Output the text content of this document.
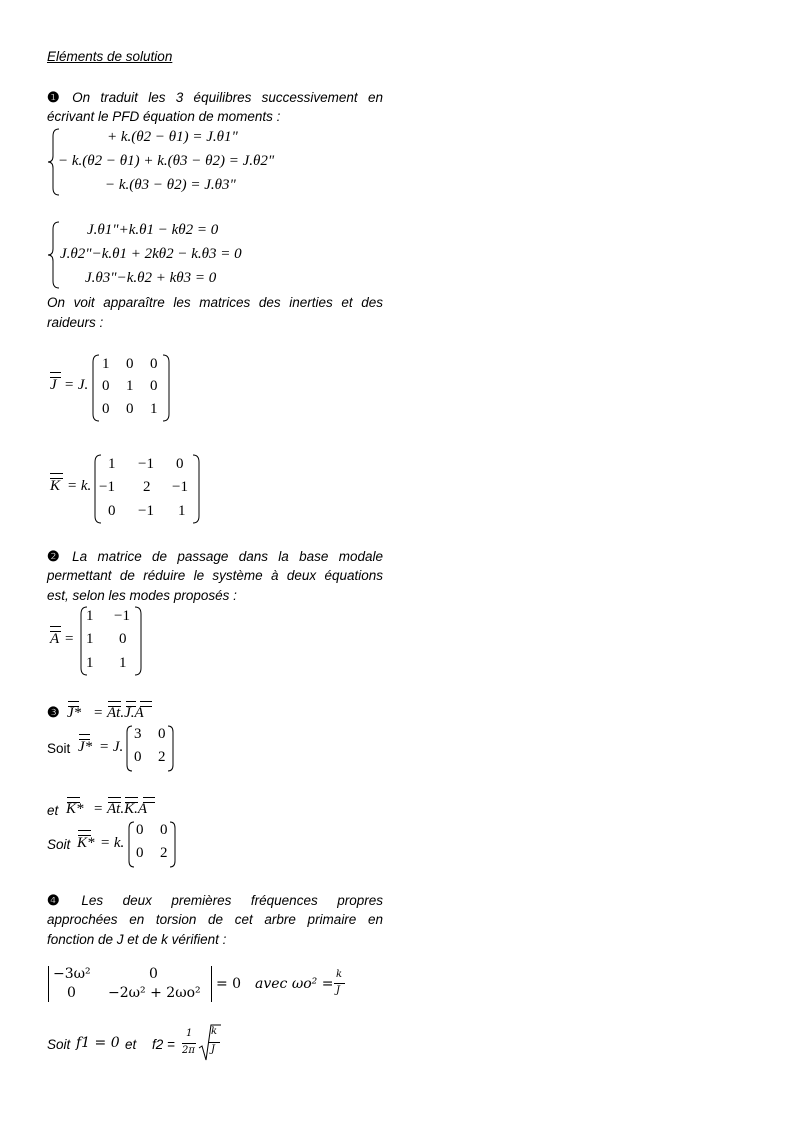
Eléments de solution
❶ On traduit les 3 équilibres successivement en
écrivant le PFD équation de moments :
+ k.(θ2 − θ1) = J.θ1"
− k.(θ2 − θ1) + k.(θ3 − θ2) = J.θ2"
− k.(θ3 − θ2) = J.θ3"
J.θ1"+k.θ1 − kθ2 = 0
J.θ2"−k.θ1 + 2kθ2 − k.θ3 = 0
J.θ3"−k.θ2 + kθ3 = 0
On voit apparaître les matrices des inerties et des
raideurs :
J = J.
1 0 0
0 1 0
0 0 1
K = k.
1 −1 0
−1 2 −1
0 −1 1
❷ La matrice de passage dans la base modale
permettant de réduire le système à deux équations
est, selon les modes proposés :
A =
1 −1
1 0
1 1
❸ J* = At.J.A
Soit J* = J.
3 0
0 2
et K* = At.K.A
Soit K* = k.
0 0
0 2
❹ Les deux premières fréquences propres
approchées en torsion de cet arbre primaire en
fonction de J et de k vérifient :
−3ω²	0
0 −2ω² + 2ωo²
= 0 avec ωo² =
k
J
Soit f1 = 0 et f2 =
1
2π
k
J
